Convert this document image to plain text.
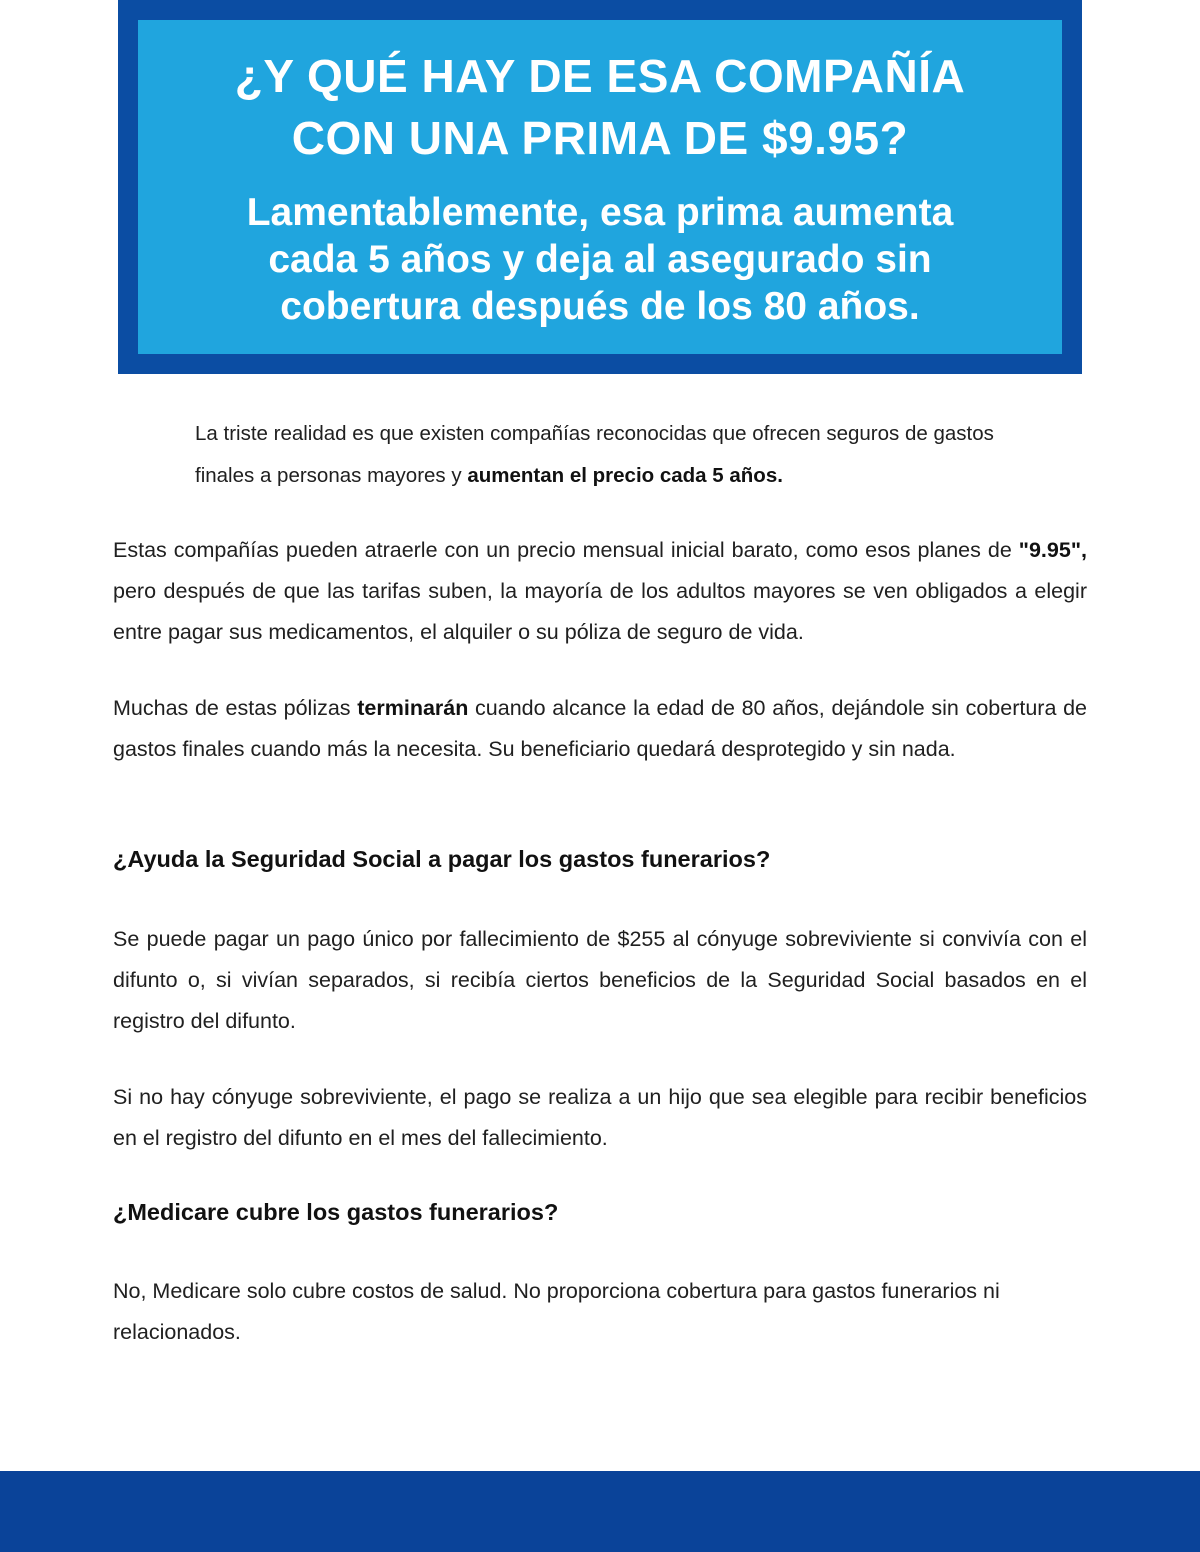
¿Y QUÉ HAY DE ESA COMPAÑÍA
CON UNA PRIMA DE $9.95?
Lamentablemente, esa prima aumenta
cada 5 años y deja al asegurado sin
cobertura después de los 80 años.

La triste realidad es que existen compañías reconocidas que ofrecen seguros de gastos finales a personas mayores y aumentan el precio cada 5 años.

Estas compañías pueden atraerle con un precio mensual inicial barato, como esos planes de "9.95", pero después de que las tarifas suben, la mayoría de los adultos mayores se ven obligados a elegir entre pagar sus medicamentos, el alquiler o su póliza de seguro de vida.

Muchas de estas pólizas terminarán cuando alcance la edad de 80 años, dejándole sin cobertura de gastos finales cuando más la necesita. Su beneficiario quedará desprotegido y sin nada.

¿Ayuda la Seguridad Social a pagar los gastos funerarios?

Se puede pagar un pago único por fallecimiento de $255 al cónyuge sobreviviente si convivía con el difunto o, si vivían separados, si recibía ciertos beneficios de la Seguridad Social basados en el registro del difunto.

Si no hay cónyuge sobreviviente, el pago se realiza a un hijo que sea elegible para recibir beneficios en el registro del difunto en el mes del fallecimiento.

¿Medicare cubre los gastos funerarios?

No, Medicare solo cubre costos de salud. No proporciona cobertura para gastos funerarios ni relacionados.
